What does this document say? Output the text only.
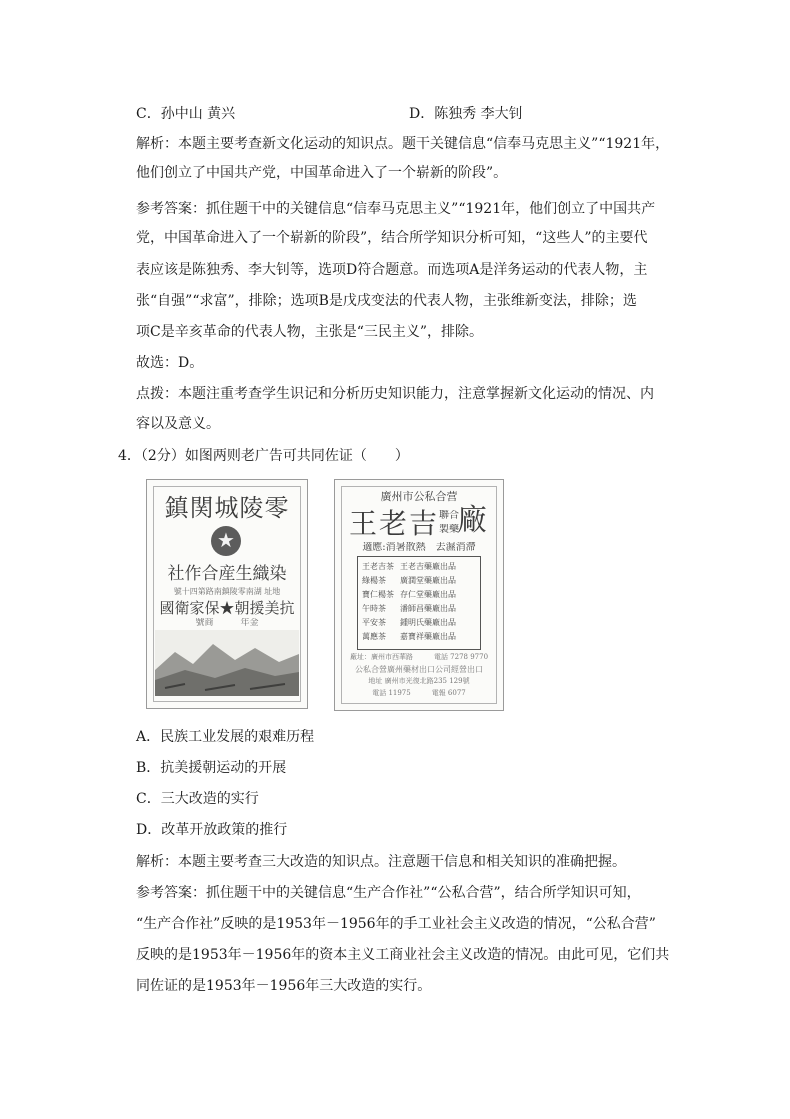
C．孙中山 黄兴	D．陈独秀 李大钊
解析：本题主要考查新文化运动的知识点。题干关键信息“信奉马克思主义”“1921年，
他们创立了中国共产党，中国革命进入了一个崭新的阶段”。
参考答案：抓住题干中的关键信息“信奉马克思主义”“1921年，他们创立了中国共产
党，中国革命进入了一个崭新的阶段”，结合所学知识分析可知，“这些人”的主要代
表应该是陈独秀、李大钊等，选项D符合题意。而选项A是洋务运动的代表人物，主
张“自强”“求富”，排除；选项B是戊戌变法的代表人物，主张维新变法，排除；选
项C是辛亥革命的代表人物，主张是“三民主义”，排除。
故选：D。
点拨：本题注重考查学生识记和分析历史知识能力，注意掌握新文化运动的情况、内
容以及意义。
4．（2分）如图两则老广告可共同佐证（　　）
鎮関城陵零
★
社作合産生織染
號十四第路南鎮陵零南湖 址地
國衛家保★朝援美抗
號商　　　年金
廣州市公私合营
王老吉 聯合
製藥
廠
適應:消暑散熱　去濕消滯
王老吉茶 王老吉藥廠出品
綠楊茶 廣潤堂藥廠出品
寶仁楊茶 存仁堂藥廠出品
午時茶 潘師昌藥廠出品
平安茶 鍾明氏藥廠出品
萬應茶 嘉寶祥藥廠出品
廠址：廣州市西華路　　　電話 7278 9770
公私合營廣州藥材出口公司經營出口
地址 廣州市光復北路235 129號
電話 11975　　　電報 6077
A．民族工业发展的艰难历程
B．抗美援朝运动的开展
C．三大改造的实行
D．改革开放政策的推行
解析：本题主要考查三大改造的知识点。注意题干信息和相关知识的准确把握。
参考答案：抓住题干中的关键信息“生产合作社”“公私合营”，结合所学知识可知，
“生产合作社”反映的是1953年－1956年的手工业社会主义改造的情况，“公私合营”
反映的是1953年－1956年的资本主义工商业社会主义改造的情况。由此可见，它们共
同佐证的是1953年－1956年三大改造的实行。
